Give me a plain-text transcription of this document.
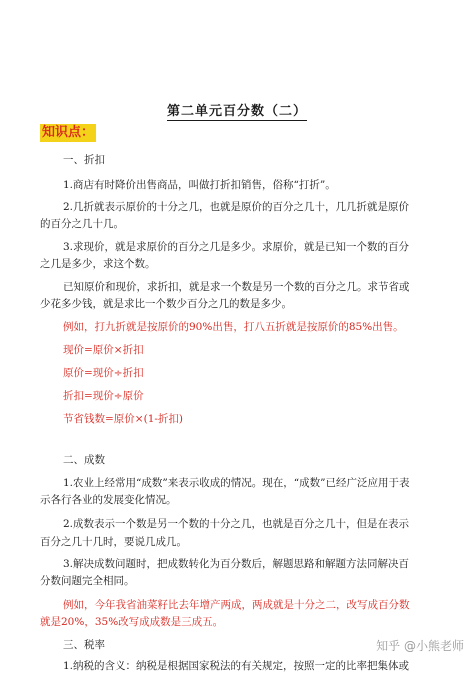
第二单元百分数（二）
知识点：
一、折扣
1.商店有时降价出售商品，叫做打折扣销售，俗称“打折”。
2.几折就表示原价的十分之几，也就是原价的百分之几十，几几折就是原价
的百分之几十几。
3.求现价，就是求原价的百分之几是多少。求原价，就是已知一个数的百分
之几是多少，求这个数。
已知原价和现价，求折扣，就是求一个数是另一个数的百分之几。求节省或
少花多少钱，就是求比一个数少百分之几的数是多少。
例如，打九折就是按原价的90%出售，打八五折就是按原价的85%出售。
现价=原价×折扣
原价=现价÷折扣
折扣=现价÷原价
节省钱数=原价×(1-折扣)
二、成数
1.农业上经常用“成数”来表示收成的情况。现在，“成数”已经广泛应用于表
示各行各业的发展变化情况。
2.成数表示一个数是另一个数的十分之几，也就是百分之几十，但是在表示
百分之几十几时，要说几成几。
3.解决成数问题时，把成数转化为百分数后，解题思路和解题方法同解决百
分数问题完全相同。
例如，今年我省油菜籽比去年增产两成，两成就是十分之二，改写成百分数
就是20%，35%改写成成数是三成五。
三、税率
1.纳税的含义：纳税是根据国家税法的有关规定，按照一定的比率把集体或
知乎 @小熊老师
